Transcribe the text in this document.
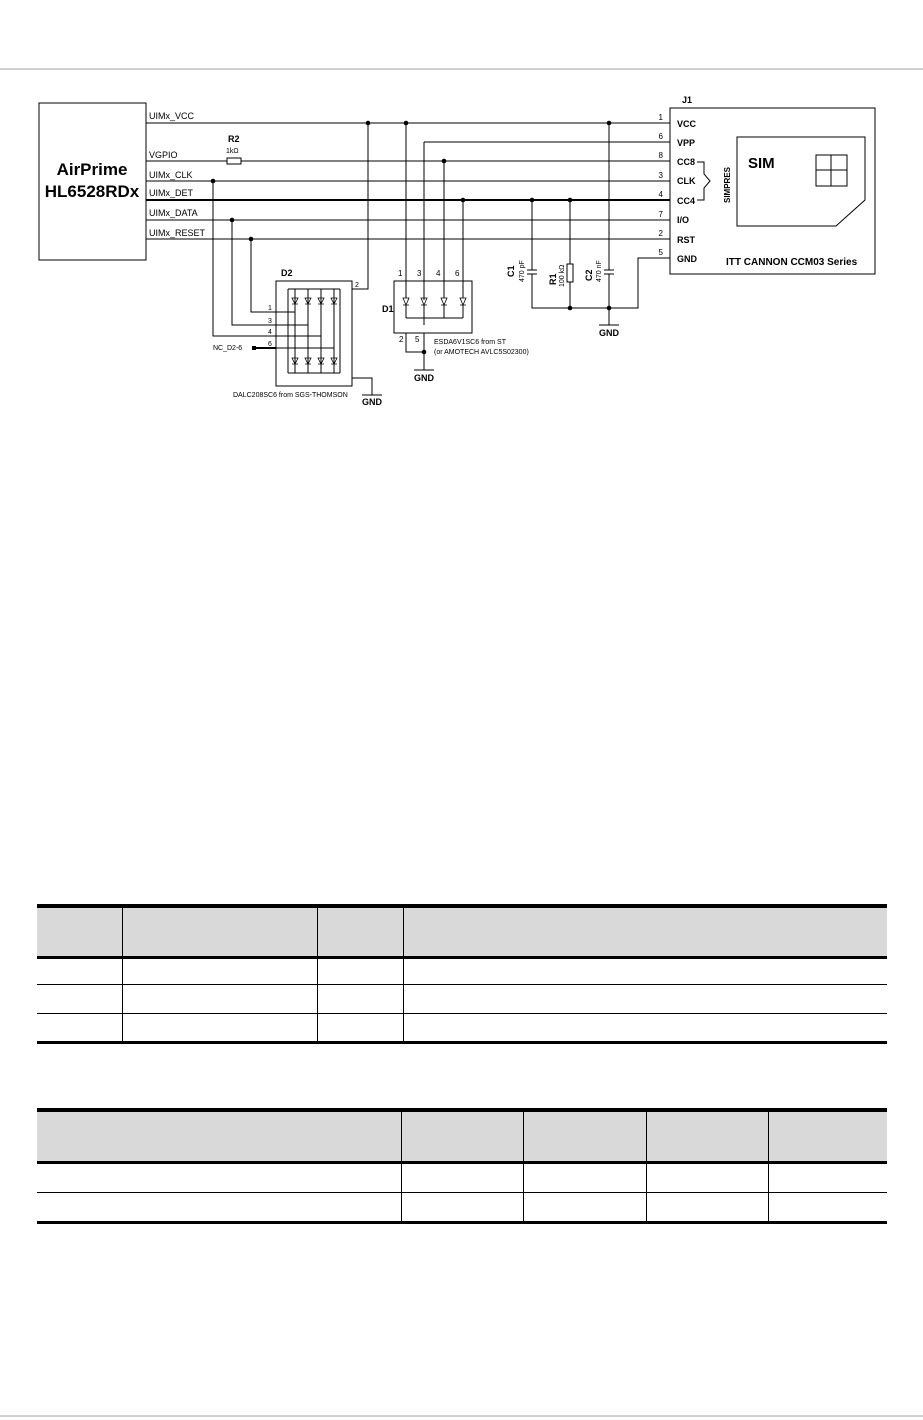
AirPrime
HL6528RDx
UIMx_VCC
VGPIO
UIMx_CLK
UIMx_DET
UIMx_DATA
UIMx_RESET
R2
1kΩ
D2
1
3
4
6
2
NC_D2-6
DALC208SC6 from SGS-THOMSON
GND
D1
1 3 4 6
2 5 ESDA6V1SC6 from ST
(or AMOTECH AVLC5S02300)
GND
GND
C1 470 pF R1 100 kΩ C2 470 nF
J1
1
6
8
3
4
7
2
5
VCC
VPP
CC8
CLK
CC4
I/O
RST
GND
SIMPRES
SIM
ITT CANNON CCM03 Series
